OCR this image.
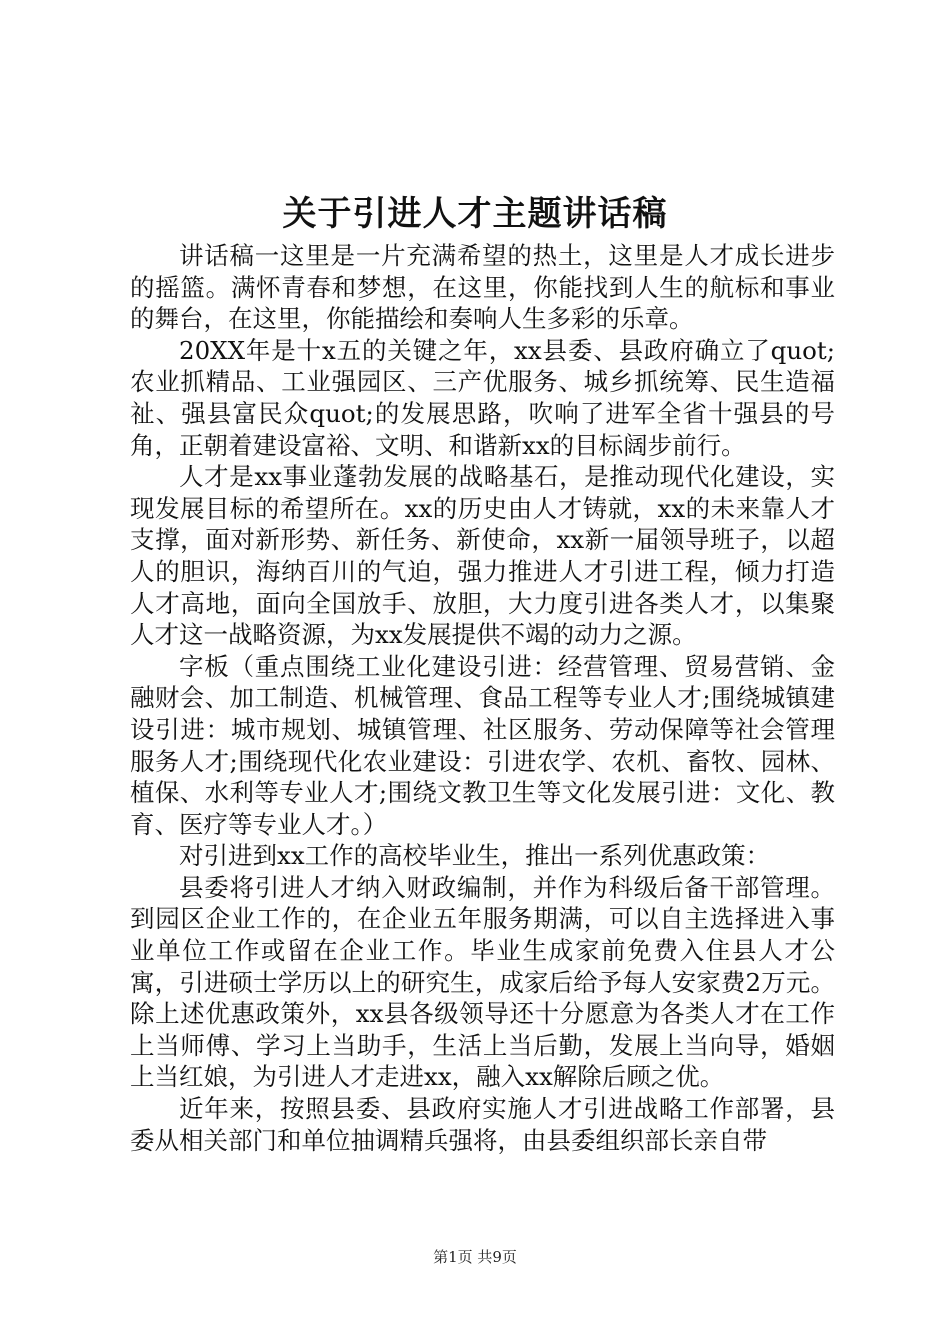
关于引进人才主题讲话稿

讲话稿一这里是一片充满希望的热土，这里是人才成长进步的摇篮。满怀青春和梦想，在这里，你能找到人生的航标和事业的舞台，在这里，你能描绘和奏响人生多彩的乐章。

20XX年是十x五的关键之年，xx县委、县政府确立了quot;农业抓精品、工业强园区、三产优服务、城乡抓统筹、民生造福祉、强县富民众quot;的发展思路，吹响了进军全省十强县的号角，正朝着建设富裕、文明、和谐新xx的目标阔步前行。

人才是xx事业蓬勃发展的战略基石，是推动现代化建设，实现发展目标的希望所在。xx的历史由人才铸就，xx的未来靠人才支撑，面对新形势、新任务、新使命，xx新一届领导班子，以超人的胆识，海纳百川的气迫，强力推进人才引进工程，倾力打造人才高地，面向全国放手、放胆，大力度引进各类人才，以集聚人才这一战略资源，为xx发展提供不竭的动力之源。

字板（重点围绕工业化建设引进：经营管理、贸易营销、金融财会、加工制造、机械管理、食品工程等专业人才;围绕城镇建设引进：城市规划、城镇管理、社区服务、劳动保障等社会管理服务人才;围绕现代化农业建设：引进农学、农机、畜牧、园林、植保、水利等专业人才;围绕文教卫生等文化发展引进：文化、教育、医疗等专业人才。）

对引进到xx工作的高校毕业生，推出一系列优惠政策：

县委将引进人才纳入财政编制，并作为科级后备干部管理。到园区企业工作的，在企业五年服务期满，可以自主选择进入事业单位工作或留在企业工作。毕业生成家前免费入住县人才公寓，引进硕士学历以上的研究生，成家后给予每人安家费2万元。除上述优惠政策外，xx县各级领导还十分愿意为各类人才在工作上当师傅、学习上当助手，生活上当后勤，发展上当向导，婚姻上当红娘，为引进人才走进xx，融入xx解除后顾之优。

近年来，按照县委、县政府实施人才引进战略工作部署，县委从相关部门和单位抽调精兵强将，由县委组织部长亲自带

第1页 共9页
